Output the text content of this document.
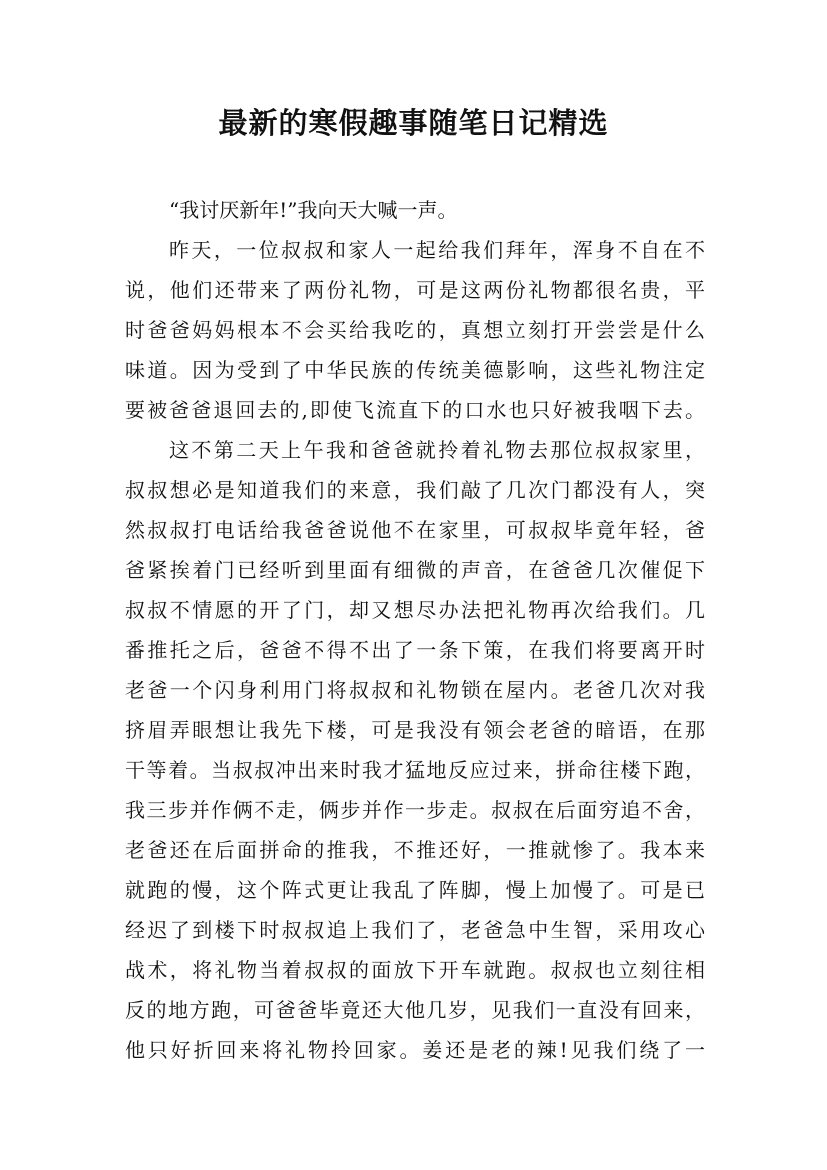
最新的寒假趣事随笔日记精选
“我讨厌新年!”我向天大喊一声。
昨天，一位叔叔和家人一起给我们拜年，浑身不自在不
说，他们还带来了两份礼物，可是这两份礼物都很名贵，平
时爸爸妈妈根本不会买给我吃的，真想立刻打开尝尝是什么
味道。因为受到了中华民族的传统美德影响，这些礼物注定
要被爸爸退回去的,即使飞流直下的口水也只好被我咽下去。
这不第二天上午我和爸爸就拎着礼物去那位叔叔家里，
叔叔想必是知道我们的来意，我们敲了几次门都没有人，突
然叔叔打电话给我爸爸说他不在家里，可叔叔毕竟年轻，爸
爸紧挨着门已经听到里面有细微的声音，在爸爸几次催促下
叔叔不情愿的开了门，却又想尽办法把礼物再次给我们。几
番推托之后，爸爸不得不出了一条下策，在我们将要离开时
老爸一个闪身利用门将叔叔和礼物锁在屋内。老爸几次对我
挤眉弄眼想让我先下楼，可是我没有领会老爸的暗语，在那
干等着。当叔叔冲出来时我才猛地反应过来，拼命往楼下跑，
我三步并作俩不走，俩步并作一步走。叔叔在后面穷追不舍，
老爸还在后面拼命的推我，不推还好，一推就惨了。我本来
就跑的慢，这个阵式更让我乱了阵脚，慢上加慢了。可是已
经迟了到楼下时叔叔追上我们了，老爸急中生智，采用攻心
战术，将礼物当着叔叔的面放下开车就跑。叔叔也立刻往相
反的地方跑，可爸爸毕竟还大他几岁，见我们一直没有回来，
他只好折回来将礼物拎回家。姜还是老的辣!见我们绕了一
